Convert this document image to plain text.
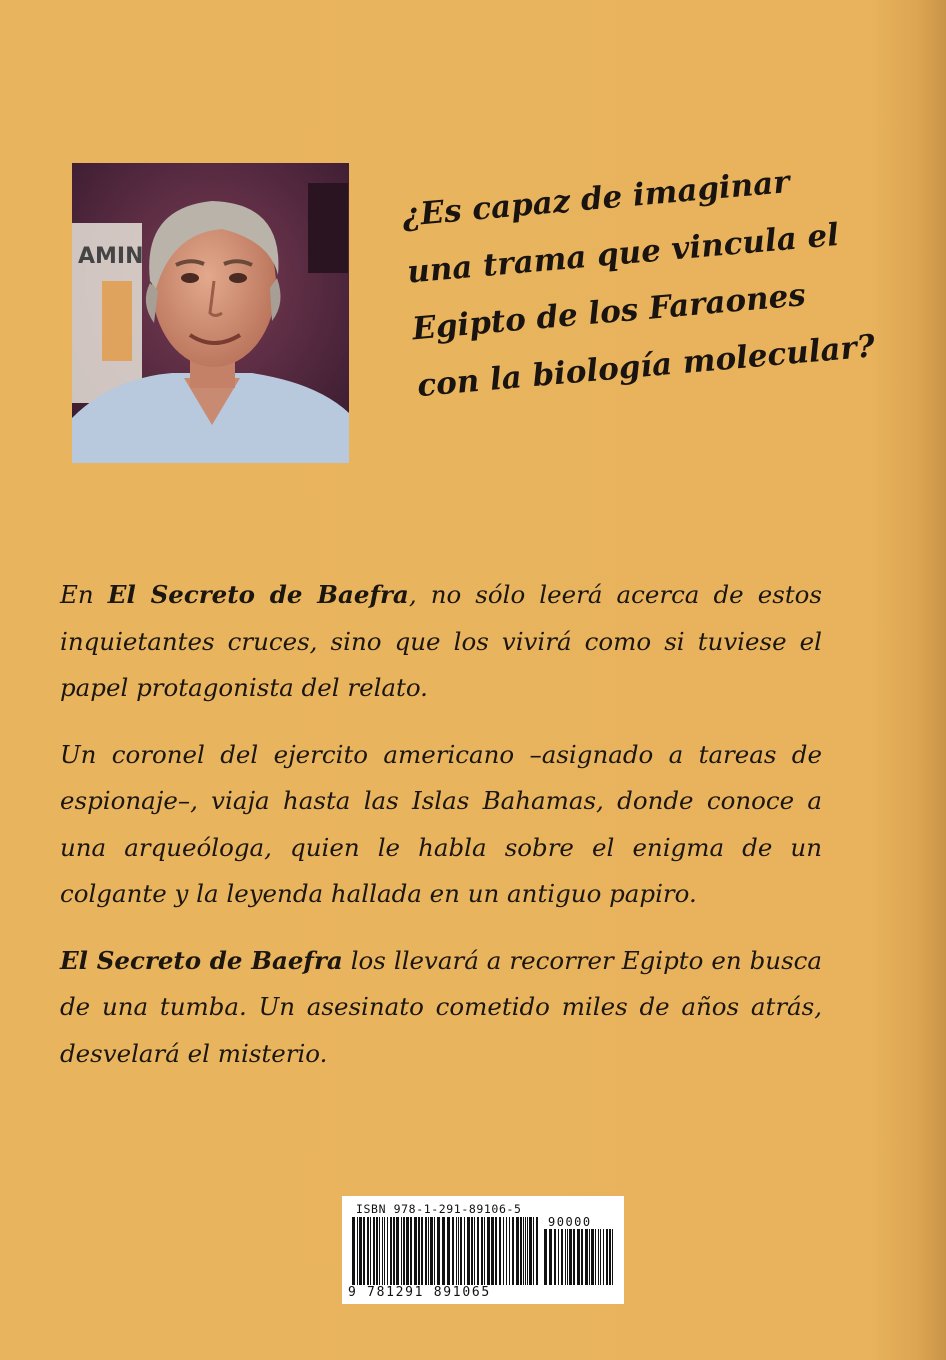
AMIN
¿Es capaz de imaginar
una trama que vincula el
Egipto de los Faraones
con la biología molecular?

En El Secreto de Baefra, no sólo leerá acerca de estos inquietantes cruces, sino que los vivirá como si tuviese el papel protagonista del relato.

Un coronel del ejercito americano –asignado a tareas de espionaje–, viaja hasta las Islas Bahamas, donde conoce a una arqueóloga, quien le habla sobre el enigma de un colgante y la leyenda hallada en un antiguo papiro.

El Secreto de Baefra los llevará a recorrer Egipto en busca de una tumba. Un asesinato cometido miles de años atrás, desvelará el misterio.

ISBN 978-1-291-89106-5
90000
9 781291 891065
